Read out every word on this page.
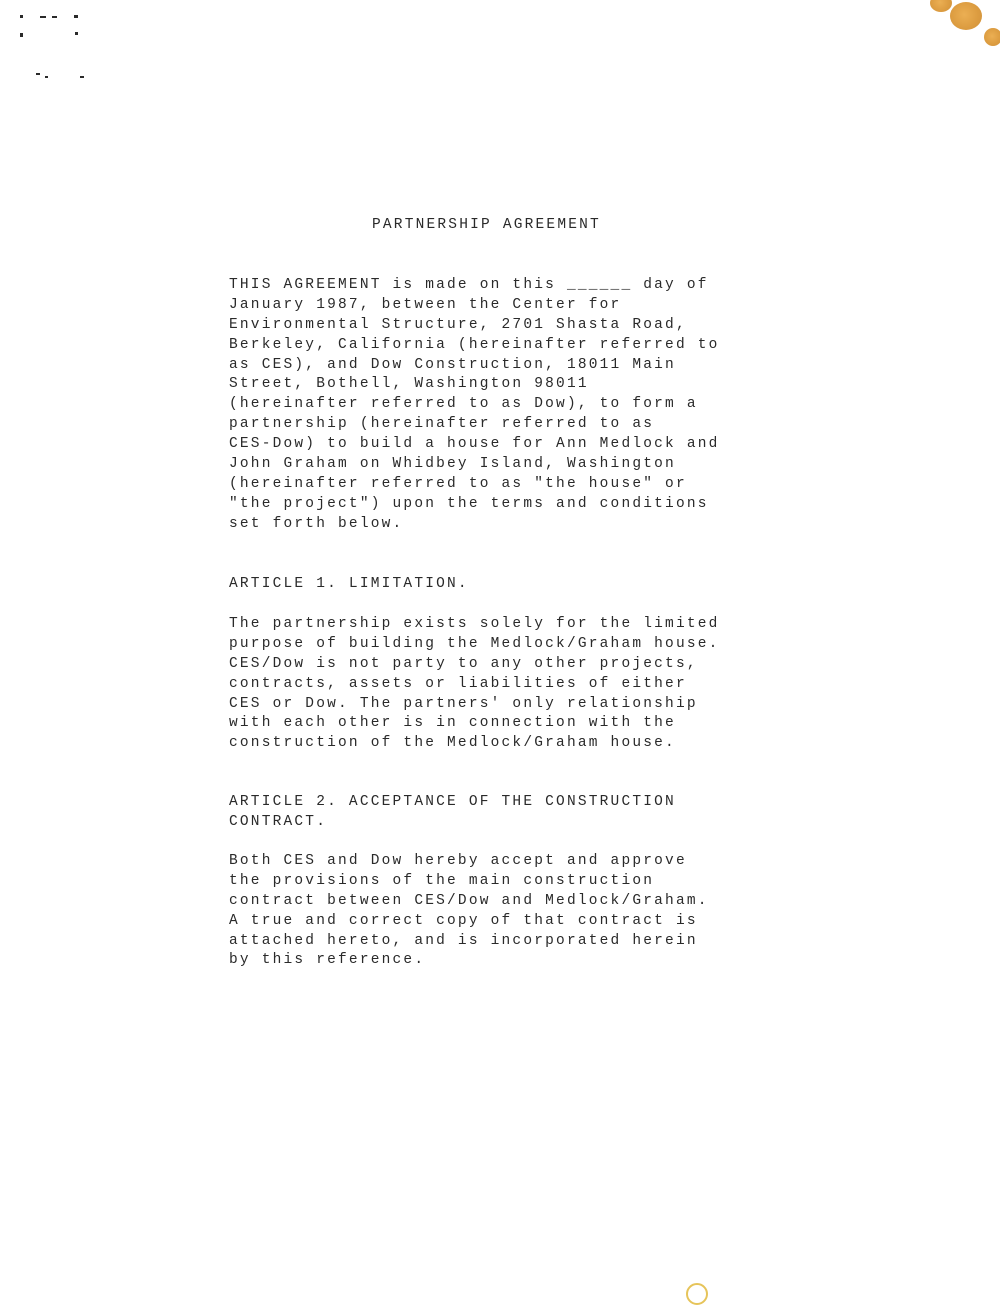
PARTNERSHIP AGREEMENT
THIS AGREEMENT is made on this ______ day of
January 1987, between the Center for
Environmental Structure, 2701 Shasta Road,
Berkeley, California (hereinafter referred to
as CES), and Dow Construction, 18011 Main
Street, Bothell, Washington 98011
(hereinafter referred to as Dow), to form a
partnership (hereinafter referred to as
CES-Dow) to build a house for Ann Medlock and
John Graham on Whidbey Island, Washington
(hereinafter referred to as "the house" or
"the project") upon the terms and conditions
set forth below.
ARTICLE 1. LIMITATION.
The partnership exists solely for the limited
purpose of building the Medlock/Graham house.
CES/Dow is not party to any other projects,
contracts, assets or liabilities of either
CES or Dow. The partners' only relationship
with each other is in connection with the
construction of the Medlock/Graham house.
ARTICLE 2. ACCEPTANCE OF THE CONSTRUCTION
CONTRACT.
Both CES and Dow hereby accept and approve
the provisions of the main construction
contract between CES/Dow and Medlock/Graham.
A true and correct copy of that contract is
attached hereto, and is incorporated herein
by this reference.
